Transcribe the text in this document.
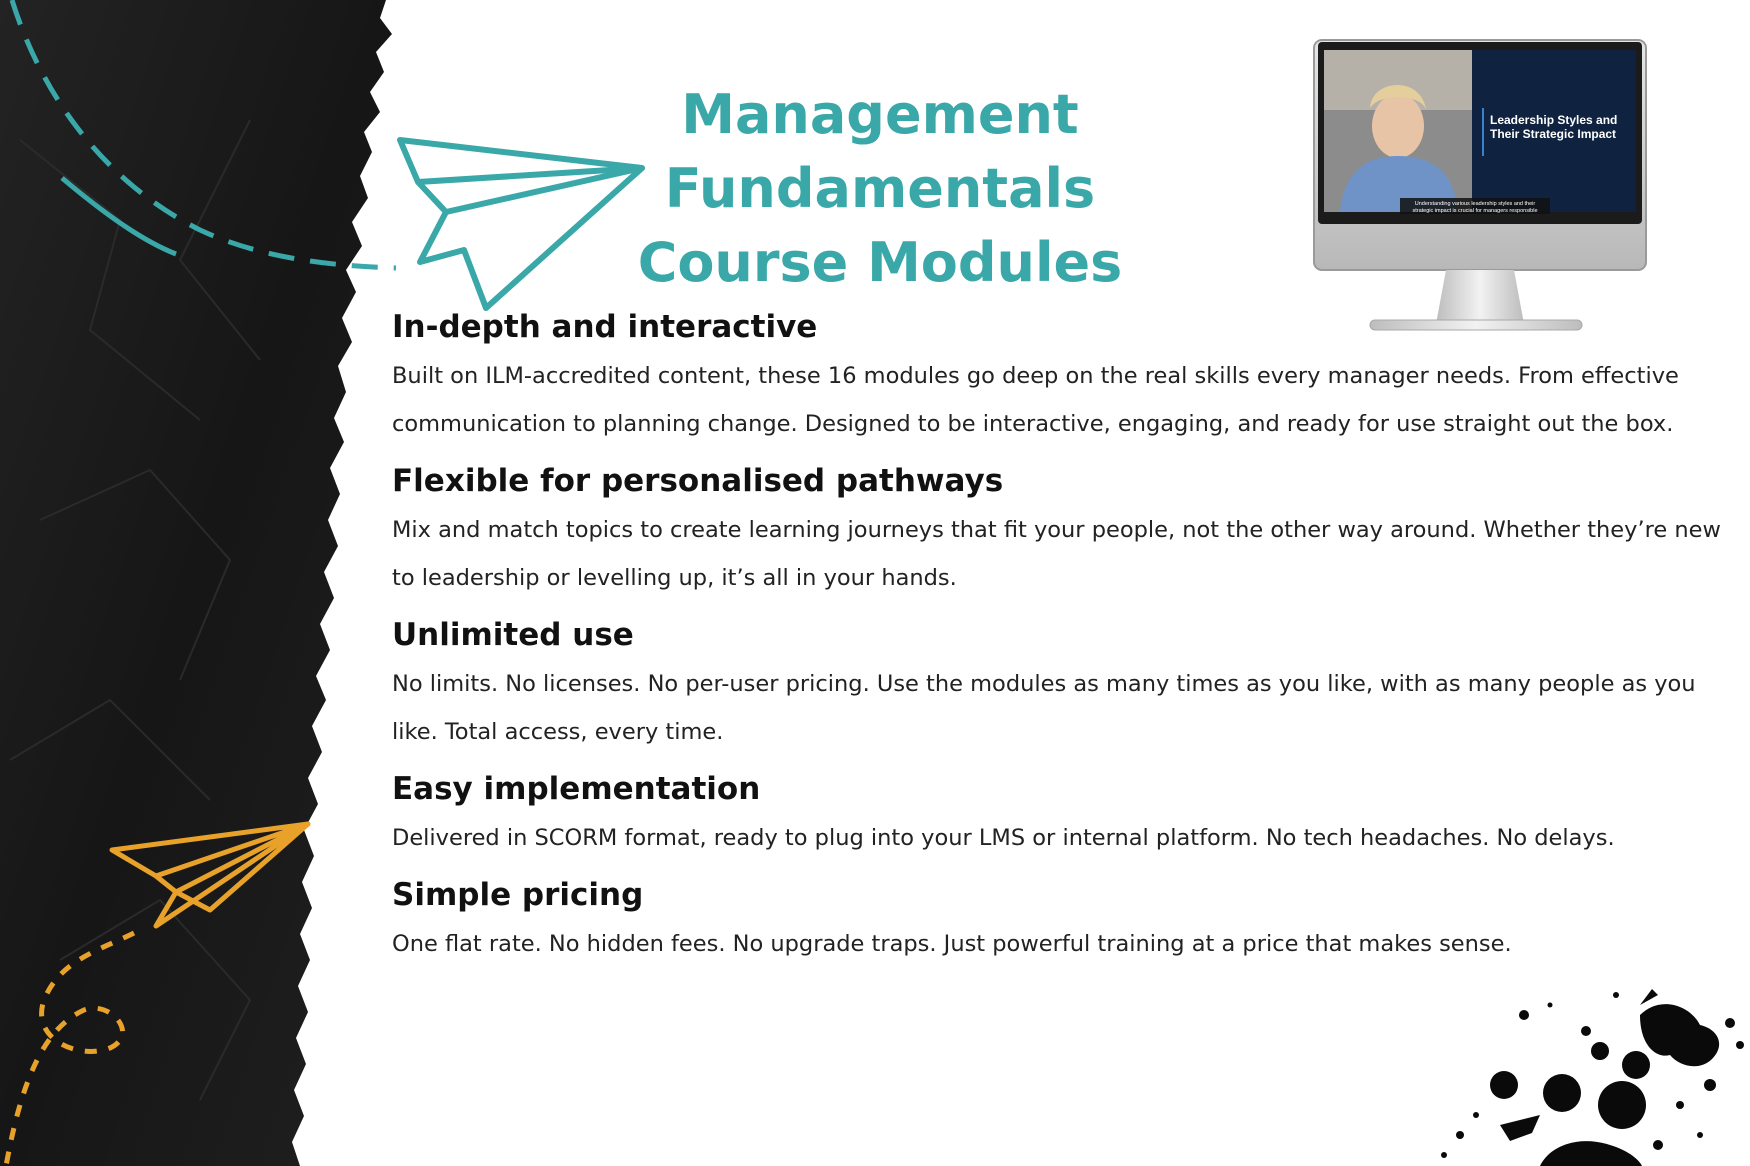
Management Fundamentals
Course Modules
Leadership Styles and
Their Strategic Impact
Understanding various leadership styles and their
strategic impact is crucial for managers responsible
In-depth and interactive

Built on ILM-accredited content, these 16 modules go deep on the real skills every manager needs. From effective communication to planning change. Designed to be interactive, engaging, and ready for use straight out the box.

Flexible for personalised pathways

Mix and match topics to create learning journeys that fit your people, not the other way around. Whether they’re new to leadership or levelling up, it’s all in your hands.

Unlimited use

No limits. No licenses. No per-user pricing. Use the modules as many times as you like, with as many people as you like. Total access, every time.

Easy implementation

Delivered in SCORM format, ready to plug into your LMS or internal platform. No tech headaches. No delays.

Simple pricing

One flat rate. No hidden fees. No upgrade traps. Just powerful training at a price that makes sense.
